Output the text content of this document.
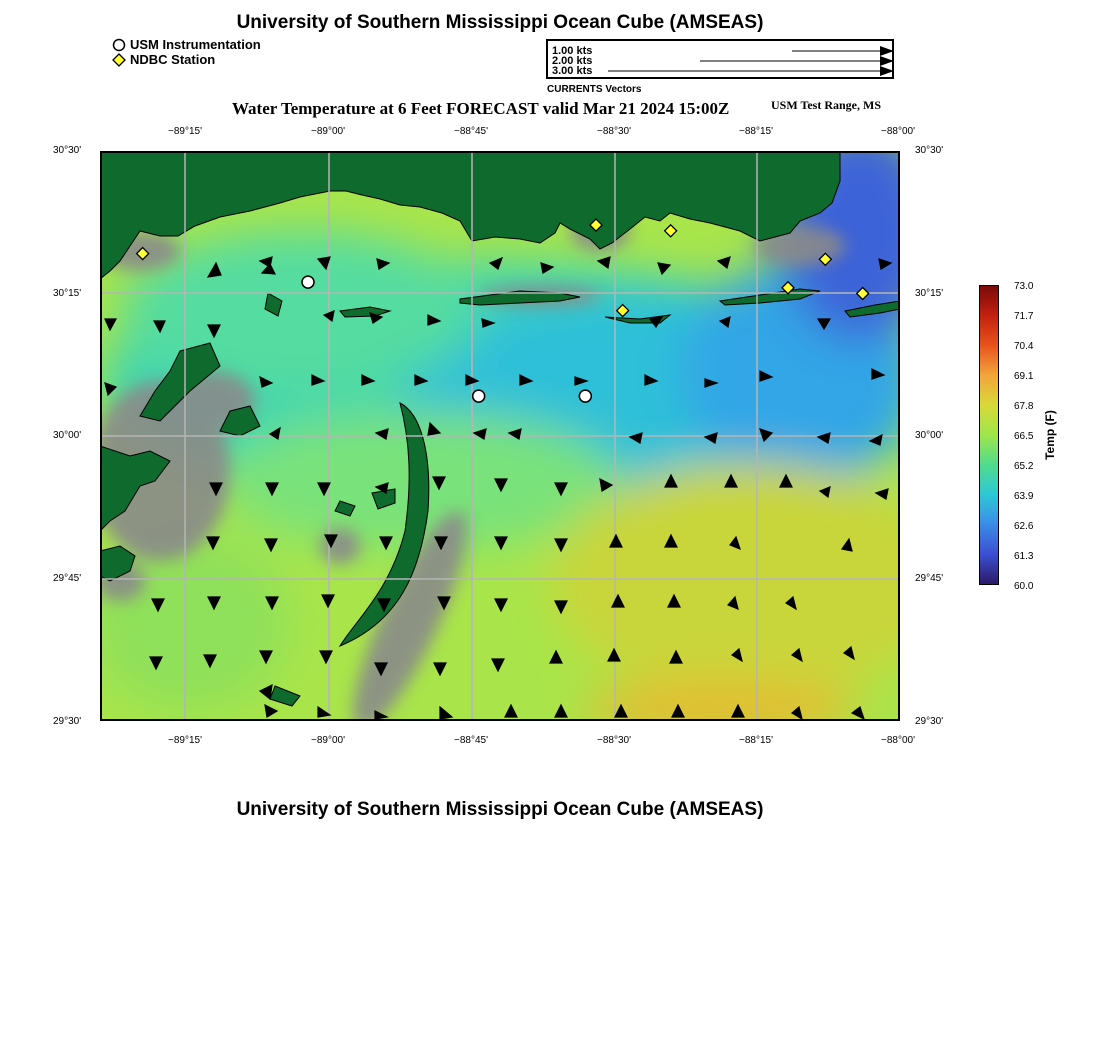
University of Southern Mississippi Ocean Cube (AMSEAS)
USM Instrumentation
NDBC Station
1.00 kts
2.00 kts
3.00 kts
CURRENTS Vectors
Water Temperature at 6 Feet FORECAST valid Mar 21 2024 15:00Z	USM Test Range, MS
−89°15'	−89°00'	−88°45'	−88°30'	−88°15'	−88°00'
−89°15'	−89°00'	−88°45'	−88°30'	−88°15'	−88°00'
30°30'
30°15'
30°00'
29°45'
29°30'
30°30'
30°15'
30°00'
29°45'
29°30'
73.0
71.7
70.4
69.1
67.8
66.5
65.2
63.9
62.6
61.3
60.0
Temp (F)
University of Southern Mississippi Ocean Cube (AMSEAS)
